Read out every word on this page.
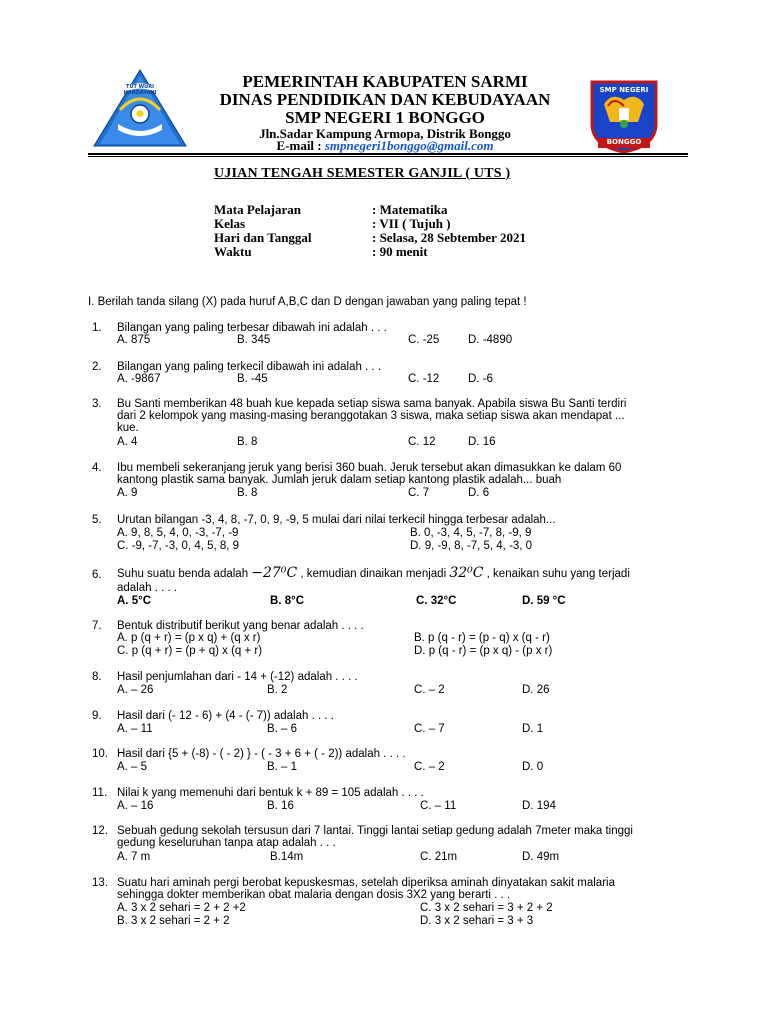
TUT WURI HANDAYANI	SMP NEGERI
BONGGO
PEMERINTAH KABUPATEN SARMI
DINAS PENDIDIKAN DAN KEBUDAYAAN
SMP NEGERI 1 BONGGO
Jln.Sadar Kampung Armopa, Distrik Bonggo
E-mail : smpnegeri1bonggo@gmail.com
UJIAN TENGAH SEMESTER GANJIL ( UTS )
Mata Pelajaran	: Matematika
Kelas	: VII ( Tujuh )
Hari dan Tanggal	: Selasa, 28 Sebtember 2021
Waktu	: 90 menit
I. Berilah tanda silang (X) pada huruf A,B,C dan D dengan jawaban yang paling tepat !
1. Bilangan yang paling terbesar dibawah ini adalah . . .
A. 875	B. 345	C. -25 D. -4890
2. Bilangan yang paling terkecil dibawah ini adalah . . .
A. -9867	B. -45	C. -12 D. -6
3. Bu Santi memberikan 48 buah kue kepada setiap siswa sama banyak. Apabila siswa Bu Santi terdiri
dari 2 kelompok yang masing-masing beranggotakan 3 siswa, maka setiap siswa akan mendapat ...
kue.
A. 4	B. 8	C. 12	D. 16
4. Ibu membeli sekeranjang jeruk yang berisi 360 buah. Jeruk tersebut akan dimasukkan ke dalam 60
kantong plastik sama banyak. Jumlah jeruk dalam setiap kantong plastik adalah... buah
A. 9	B. 8	C. 7	D. 6
5. Urutan bilangan -3, 4, 8, -7, 0, 9, -9, 5 mulai dari nilai terkecil hingga terbesar adalah...
A. 9, 8, 5, 4, 0, -3, -7, -9	B. 0, -3, 4, 5, -7, 8, -9, 9
C. -9, -7, -3, 0, 4, 5, 8, 9	D. 9, -9, 8, -7, 5, 4, -3, 0
6. Suhu suatu benda adalah −27⁰C , kemudian dinaikan menjadi 32⁰C , kenaikan suhu yang terjadi
adalah . . . .
A. 5°C	B. 8°C	C. 32°C	D. 59 °C
7. Bentuk distributif berikut yang benar adalah . . . .
A. p (q + r) = (p x q) + (q x r)	B. p (q - r) = (p - q) x (q - r)
C. p (q + r) = (p + q) x (q + r)	D. p (q - r) = (p x q) - (p x r)
8. Hasil penjumlahan dari - 14 + (-12) adalah . . . .
A. – 26	B. 2	C. – 2	D. 26
9. Hasil dari (- 12 - 6) + (4 - (- 7)) adalah . . . .
A. – 11	B. – 6	C. – 7	D. 1
10. Hasil dari {5 + (-8) - ( - 2) } - ( - 3 + 6 + ( - 2)) adalah . . . .
A. – 5	B. – 1	C. – 2	D. 0
11. Nilai k yang memenuhi dari bentuk k + 89 = 105 adalah . . . .
A. – 16	B. 16	C. – 11	D. 194
12. Sebuah gedung sekolah tersusun dari 7 lantai. Tinggi lantai setiap gedung adalah 7meter maka tinggi
gedung keseluruhan tanpa atap adalah . . .
A. 7 m	B.14m	C. 21m	D. 49m
13. Suatu hari aminah pergi berobat kepuskesmas, setelah diperiksa aminah dinyatakan sakit malaria
sehingga dokter memberikan obat malaria dengan dosis 3X2 yang berarti . . .
A. 3 x 2 sehari = 2 + 2 +2	C. 3 x 2 sehari = 3 + 2 + 2
B. 3 x 2 sehari = 2 + 2	D. 3 x 2 sehari = 3 + 3
